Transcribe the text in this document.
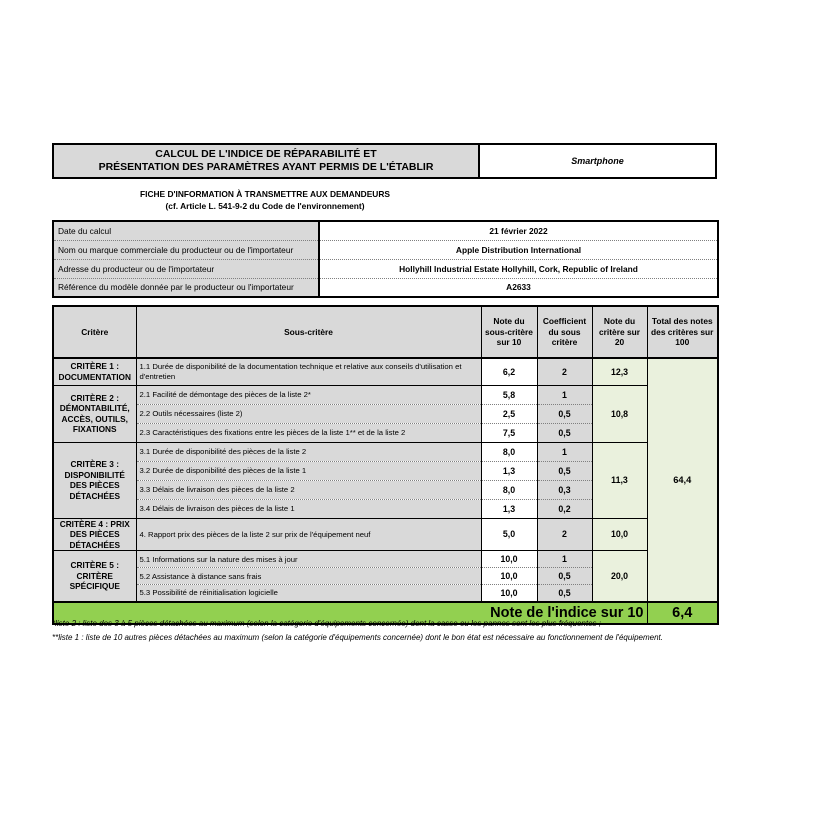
CALCUL DE L'INDICE DE RÉPARABILITÉ ET
PRÉSENTATION DES PARAMÈTRES AYANT PERMIS DE L'ÉTABLIR	Smartphone
FICHE D'INFORMATION À TRANSMETTRE AUX DEMANDEURS
(cf. Article L. 541-9-2 du Code de l'environnement)
Date du calcul	21 février 2022
Nom ou marque commerciale du producteur ou de l'importateur	Apple Distribution International
Adresse du producteur ou de l'importateur	Hollyhill Industrial Estate Hollyhill, Cork, Republic of Ireland
Référence du modèle donnée par le producteur ou l'importateur	A2633
Critère	Sous-critère	Note du sous-critère sur 10	Coefficient du sous critère	Note du critère sur 20	Total des notes des critères sur 100
CRITÈRE 1 : DOCUMENTATION	1.1 Durée de disponibilité de la documentation technique et relative aux conseils d'utilisation et d'entretien	6,2	2	12,3	64,4
CRITÈRE 2 : DÉMONTABILITÉ, ACCÈS, OUTILS, FIXATIONS	2.1 Facilité de démontage des pièces de la liste 2*	5,8	1	10,8	
	2.2 Outils nécessaires (liste 2)	2,5	0,5		
	2.3 Caractéristiques des fixations entre les pièces de la liste 1** et de la liste 2	7,5	0,5		
CRITÈRE 3 : DISPONIBILITÉ DES PIÈCES DÉTACHÉES	3.1 Durée de disponibilité des pièces de la liste 2	8,0	1	11,3	
	3.2 Durée de disponibilité des pièces de la liste 1	1,3	0,5		
	3.3 Délais de livraison des pièces de la liste 2	8,0	0,3		
	3.4 Délais de livraison des pièces de la liste 1	1,3	0,2		
CRITÈRE 4 : PRIX DES PIÈCES DÉTACHÉES	4. Rapport prix des pièces de la liste 2 sur prix de l'équipement neuf	5,0	2	10,0	
CRITÈRE 5 : CRITÈRE SPÉCIFIQUE	5.1 Informations sur la nature des mises à jour	10,0	1	20,0	
	5.2 Assistance à distance sans frais	10,0	0,5		
	5.3 Possibilité de réinitialisation logicielle	10,0	0,5		
Note de l'indice sur 10					6,4
*liste 2 : liste des 3 à 5 pièces détachées au maximum (selon la catégorie d'équipements concernée) dont la casse ou les pannes sont les plus fréquentes ;
**liste 1 : liste de 10 autres pièces détachées au maximum (selon la catégorie d'équipements concernée) dont le bon état est nécessaire au fonctionnement de l'équipement.
